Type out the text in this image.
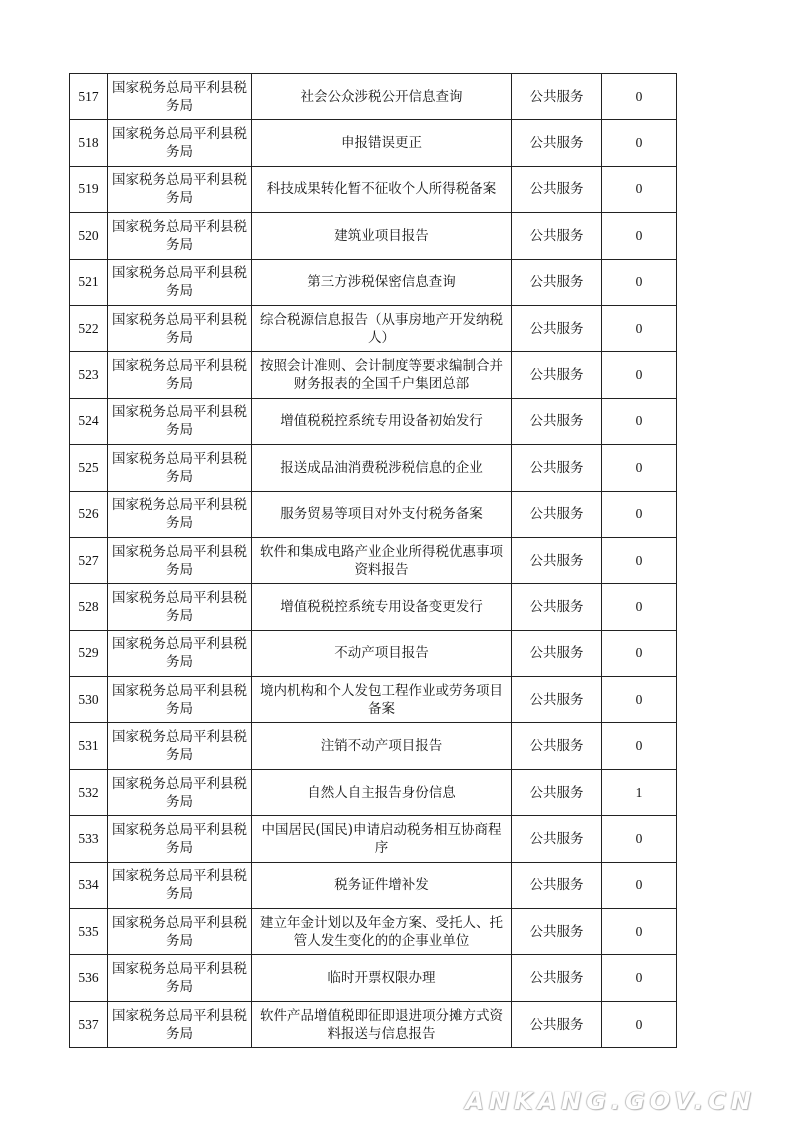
517	国家税务总局平利县税务局	社会公众涉税公开信息查询	公共服务	0
518	国家税务总局平利县税务局	申报错误更正	公共服务	0
519	国家税务总局平利县税务局	科技成果转化暂不征收个人所得税备案	公共服务	0
520	国家税务总局平利县税务局	建筑业项目报告	公共服务	0
521	国家税务总局平利县税务局	第三方涉税保密信息查询	公共服务	0
522	国家税务总局平利县税务局	综合税源信息报告（从事房地产开发纳税人）	公共服务	0
523	国家税务总局平利县税务局	按照会计准则、会计制度等要求编制合并财务报表的全国千户集团总部	公共服务	0
524	国家税务总局平利县税务局	增值税税控系统专用设备初始发行	公共服务	0
525	国家税务总局平利县税务局	报送成品油消费税涉税信息的企业	公共服务	0
526	国家税务总局平利县税务局	服务贸易等项目对外支付税务备案	公共服务	0
527	国家税务总局平利县税务局	软件和集成电路产业企业所得税优惠事项资料报告	公共服务	0
528	国家税务总局平利县税务局	增值税税控系统专用设备变更发行	公共服务	0
529	国家税务总局平利县税务局	不动产项目报告	公共服务	0
530	国家税务总局平利县税务局	境内机构和个人发包工程作业或劳务项目备案	公共服务	0
531	国家税务总局平利县税务局	注销不动产项目报告	公共服务	0
532	国家税务总局平利县税务局	自然人自主报告身份信息	公共服务	1
533	国家税务总局平利县税务局	中国居民(国民)申请启动税务相互协商程序	公共服务	0
534	国家税务总局平利县税务局	税务证件增补发	公共服务	0
535	国家税务总局平利县税务局	建立年金计划以及年金方案、受托人、托管人发生变化的的企事业单位	公共服务	0
536	国家税务总局平利县税务局	临时开票权限办理	公共服务	0
537	国家税务总局平利县税务局	软件产品增值税即征即退进项分摊方式资料报送与信息报告	公共服务	0
ANKANG.GOV.CN
